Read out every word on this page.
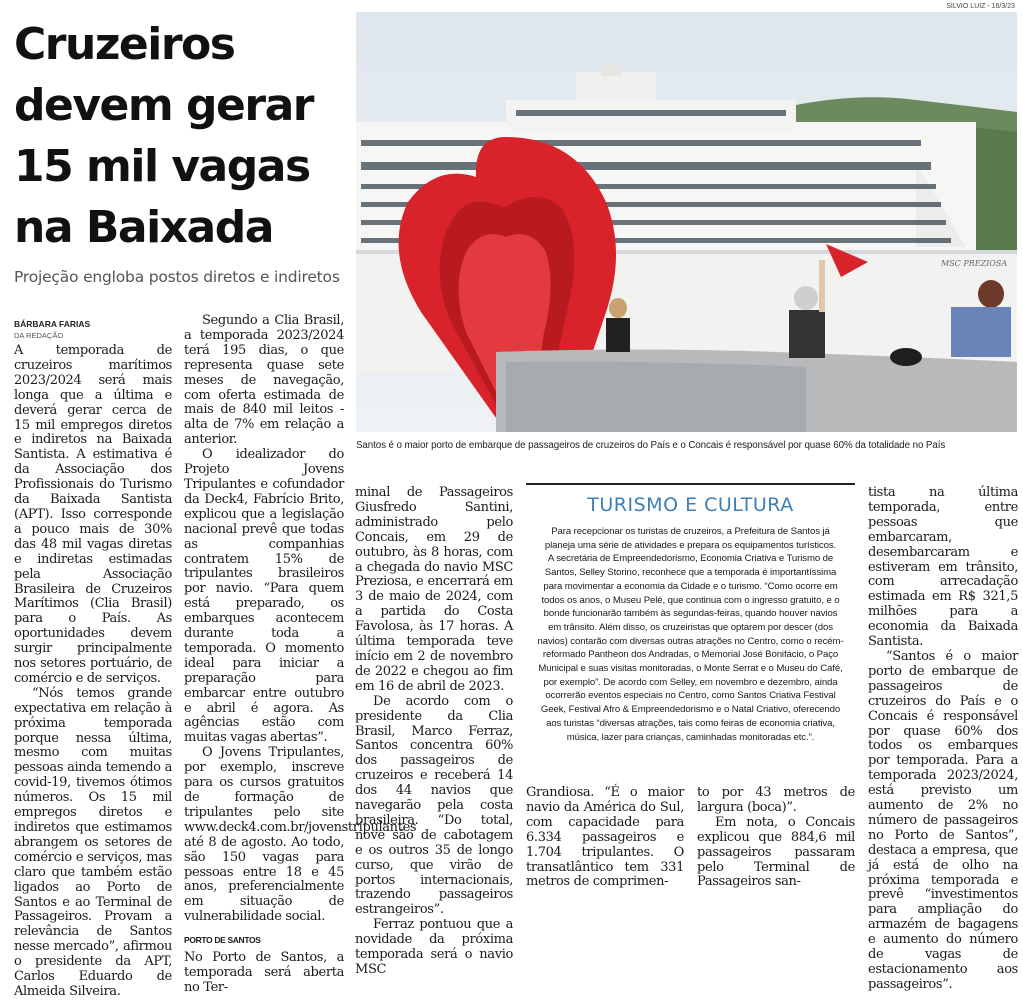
SILVIO LUIZ - 16/3/23
Cruzeiros devem gerar 15 mil vagas na Baixada
Projeção engloba postos diretos e indiretos
BÁRBARA FARIAS
DA REDAÇÃO

A temporada de cruzeiros marítimos 2023/2024 será mais longa que a última e deverá gerar cerca de 15 mil empregos diretos e indiretos na Baixada Santista. A estimativa é da Associação dos Profissionais do Turismo da Baixada Santista (APT). Isso corresponde a pouco mais de 30% das 48 mil vagas diretas e indiretas estimadas pela Associação Brasileira de Cruzeiros Marítimos (Clia Brasil) para o País. As oportunidades devem surgir principalmente nos setores portuário, de comércio e de serviços.

“Nós temos grande expectativa em relação à próxima temporada porque nessa última, mesmo com muitas pessoas ainda temendo a covid-19, tivemos ótimos números. Os 15 mil empregos diretos e indiretos que estimamos abrangem os setores de comércio e serviços, mas claro que também estão ligados ao Porto de Santos e ao Terminal de Passageiros. Provam a relevância de Santos nesse mercado”, afirmou o presidente da APT, Carlos Eduardo de Almeida Silveira.

Segundo a Clia Brasil, a temporada 2023/2024 terá 195 dias, o que representa quase sete meses de navegação, com oferta estimada de mais de 840 mil leitos - alta de 7% em relação a anterior.

O idealizador do Projeto Jovens Tripulantes e cofundador da Deck4, Fabrício Brito, explicou que a legislação nacional prevê que todas as companhias contratem 15% de tripulantes brasileiros por navio. “Para quem está preparado, os embarques acontecem durante toda a temporada. O momento ideal para iniciar a preparação para embarcar entre outubro e abril é agora. As agências estão com muitas vagas abertas”.

O Jovens Tripulantes, por exemplo, inscreve para os cursos gratuitos de formação de tripulantes pelo site www.deck4.com.br/jovenstripulantes até 8 de agosto. Ao todo, são 150 vagas para pessoas entre 18 e 45 anos, preferencialmente em situação de vulnerabilidade social.

PORTO DE SANTOS

No Porto de Santos, a temporada será aberta no Ter-

MSC PREZIOSA
Santos é o maior porto de embarque de passageiros de cruzeiros do País e o Concais é responsável por quase 60% da totalidade no País
TURISMO E CULTURA

Para recepcionar os turistas de cruzeiros, a Prefeitura de Santos já planeja uma série de atividades e prepara os equipamentos turísticos.

A secretária de Empreendedorismo, Economia Criativa e Turismo de Santos, Selley Storino, reconhece que a temporada é importantíssima para movimentar a economia da Cidade e o turismo. “Como ocorre em todos os anos, o Museu Pelé, que continua com o ingresso gratuito, e o bonde funcionarão também às segundas-feiras, quando houver navios em trânsito. Além disso, os cruzeiristas que optarem por descer (dos navios) contarão com diversas outras atrações no Centro, como o recém-reformado Pantheon dos Andradas, o Memorial José Bonifácio, o Paço Municipal e suas visitas monitoradas, o Monte Serrat e o Museu do Café, por exemplo”. De acordo com Selley, em novembro e dezembro, ainda ocorrerão eventos especiais no Centro, como Santos Criativa Festival Geek, Festival Afro & Empreendedorismo e o Natal Criativo, oferecendo aos turistas “diversas atrações, tais como feiras de economia criativa, música, lazer para crianças, caminhadas monitoradas etc.”.

minal de Passageiros Giusfredo Santini, administrado pelo Concais, em 29 de outubro, às 8 horas, com a chegada do navio MSC Preziosa, e encerrará em 3 de maio de 2024, com a partida do Costa Favolosa, às 17 horas. A última temporada teve início em 2 de novembro de 2022 e chegou ao fim em 16 de abril de 2023.

De acordo com o presidente da Clia Brasil, Marco Ferraz, Santos concentra 60% dos passageiros de cruzeiros e receberá 14 dos 44 navios que navegarão pela costa brasileira. “Do total, nove são de cabotagem e os outros 35 de longo curso, que virão de portos internacionais, trazendo passageiros estrangeiros”.

Ferraz pontuou que a novidade da próxima temporada será o navio MSC

Grandiosa. “É o maior navio da América do Sul, com capacidade para 6.334 passageiros e 1.704 tripulantes. O transatlântico tem 331 metros de comprimen-

to por 43 metros de largura (boca)”.

Em nota, o Concais explicou que 884,6 mil passageiros passaram pelo Terminal de Passageiros san-

tista na última temporada, entre pessoas que embarcaram, desembarcaram e estiveram em trânsito, com arrecadação estimada em R$ 321,5 milhões para a economia da Baixada Santista.

“Santos é o maior porto de embarque de passageiros de cruzeiros do País e o Concais é responsável por quase 60% dos todos os embarques por temporada. Para a temporada 2023/2024, está previsto um aumento de 2% no número de passageiros no Porto de Santos”, destaca a empresa, que já está de olho na próxima temporada e prevê “investimentos para ampliação do armazém de bagagens e aumento do número de vagas de estacionamento aos passageiros”.
